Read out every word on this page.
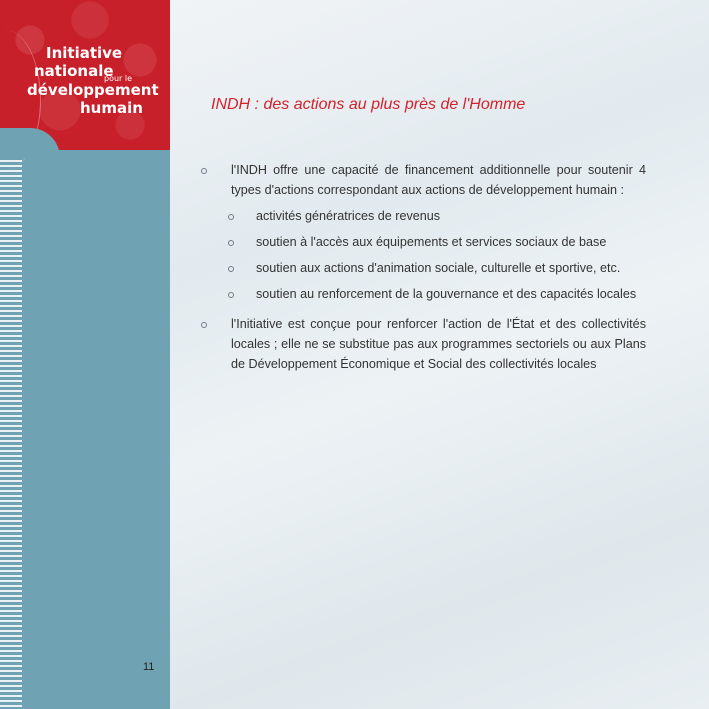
Initiative
nationale
pour le
développement
humain	INDH : des actions au plus près de l'Homme
l'INDH offre une capacité de financement additionnelle pour soutenir 4 types d'actions correspondant aux actions de développement humain :
activités génératrices de revenus
soutien à l'accès aux équipements et services sociaux de base
soutien aux actions d'animation sociale, culturelle et sportive, etc.
soutien au renforcement de la gouvernance et des capacités locales
l'Initiative est conçue pour renforcer l'action de l'État et des collectivités locales ; elle ne se substitue pas aux programmes sectoriels ou aux Plans de Développement Économique et Social des collectivités locales
11
